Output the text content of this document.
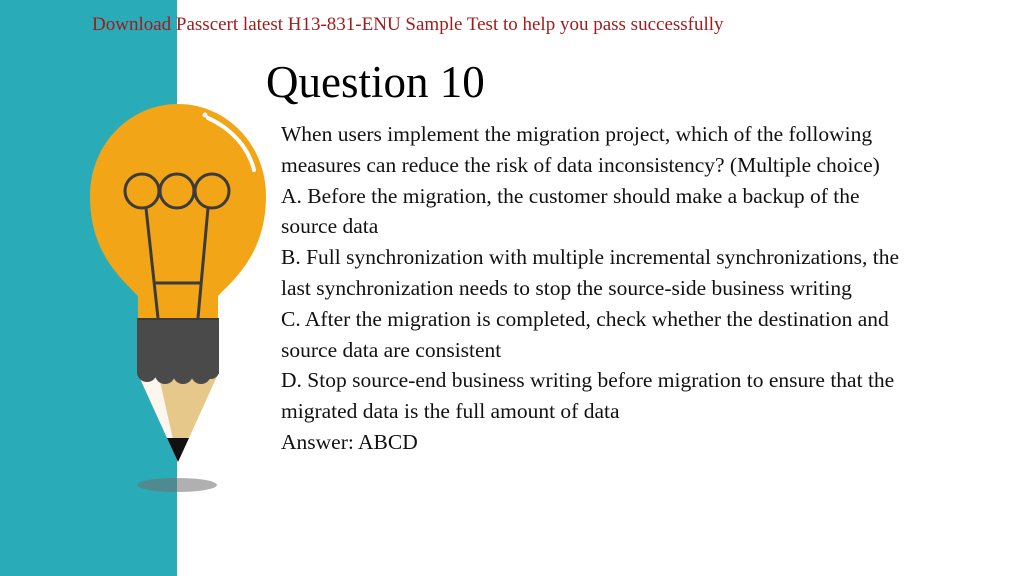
Download Passcert latest H13-831-ENU Sample Test to help you pass successfully
Question 10
When users implement the migration project, which of the following
measures can reduce the risk of data inconsistency? (Multiple choice)
A. Before the migration, the customer should make a backup of the
source data
B. Full synchronization with multiple incremental synchronizations, the
last synchronization needs to stop the source-side business writing
C. After the migration is completed, check whether the destination and
source data are consistent
D. Stop source-end business writing before migration to ensure that the
migrated data is the full amount of data
Answer: ABCD
